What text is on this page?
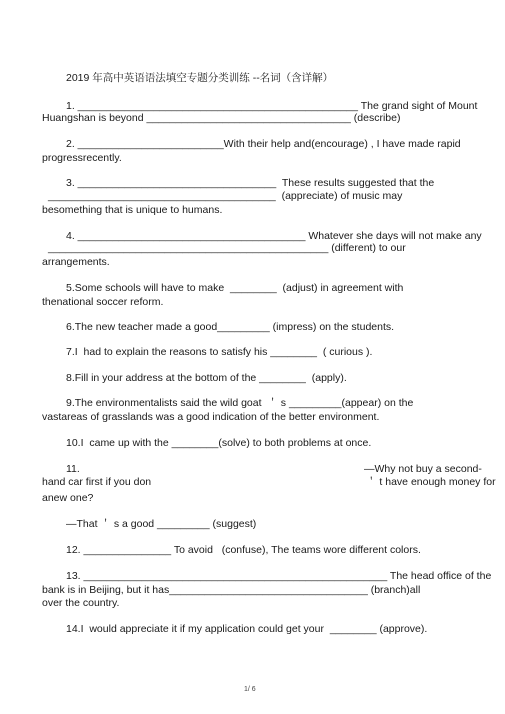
2019 年高中英语语法填空专题分类训练 --名词（含详解）
1. ________________________________________________ The grand sight of Mount
Huangshan is beyond ___________________________________ (describe)
2. _________________________With their help and(encourage) , I have made rapid
progressrecently.
3. __________________________________  These results suggested that the
_______________________________________  (appreciate) of music may
besomething that is unique to humans.
4. _______________________________________ Whatever she days will not make any
________________________________________________ (different) to our
arrangements.
5.Some schools will have to make  ________  (adjust) in agreement with
thenational soccer reform.
6.The new teacher made a good_________ (impress) on the students.
7.I  had to explain the reasons to satisfy his ________  ( curious ).
8.Fill in your address at the bottom of the ________  (apply).
9.The environmentalists said the wild goat  ＇ s _________(appear) on the
vastareas of grasslands was a good indication of the better environment.
10.I  came up with the ________(solve) to both problems at once.
11.	—Why not buy a second-
hand car first if you don	＇ t have enough money for
anew one?
—That ＇ s a good _________ (suggest)
12. _______________ To avoid   (confuse), The teams wore different colors.
13. ____________________________________________________ The head office of the
bank is in Beijing, but it has__________________________________ (branch)all
over the country.
14.I  would appreciate it if my application could get your  ________ (approve).
1/ 6
